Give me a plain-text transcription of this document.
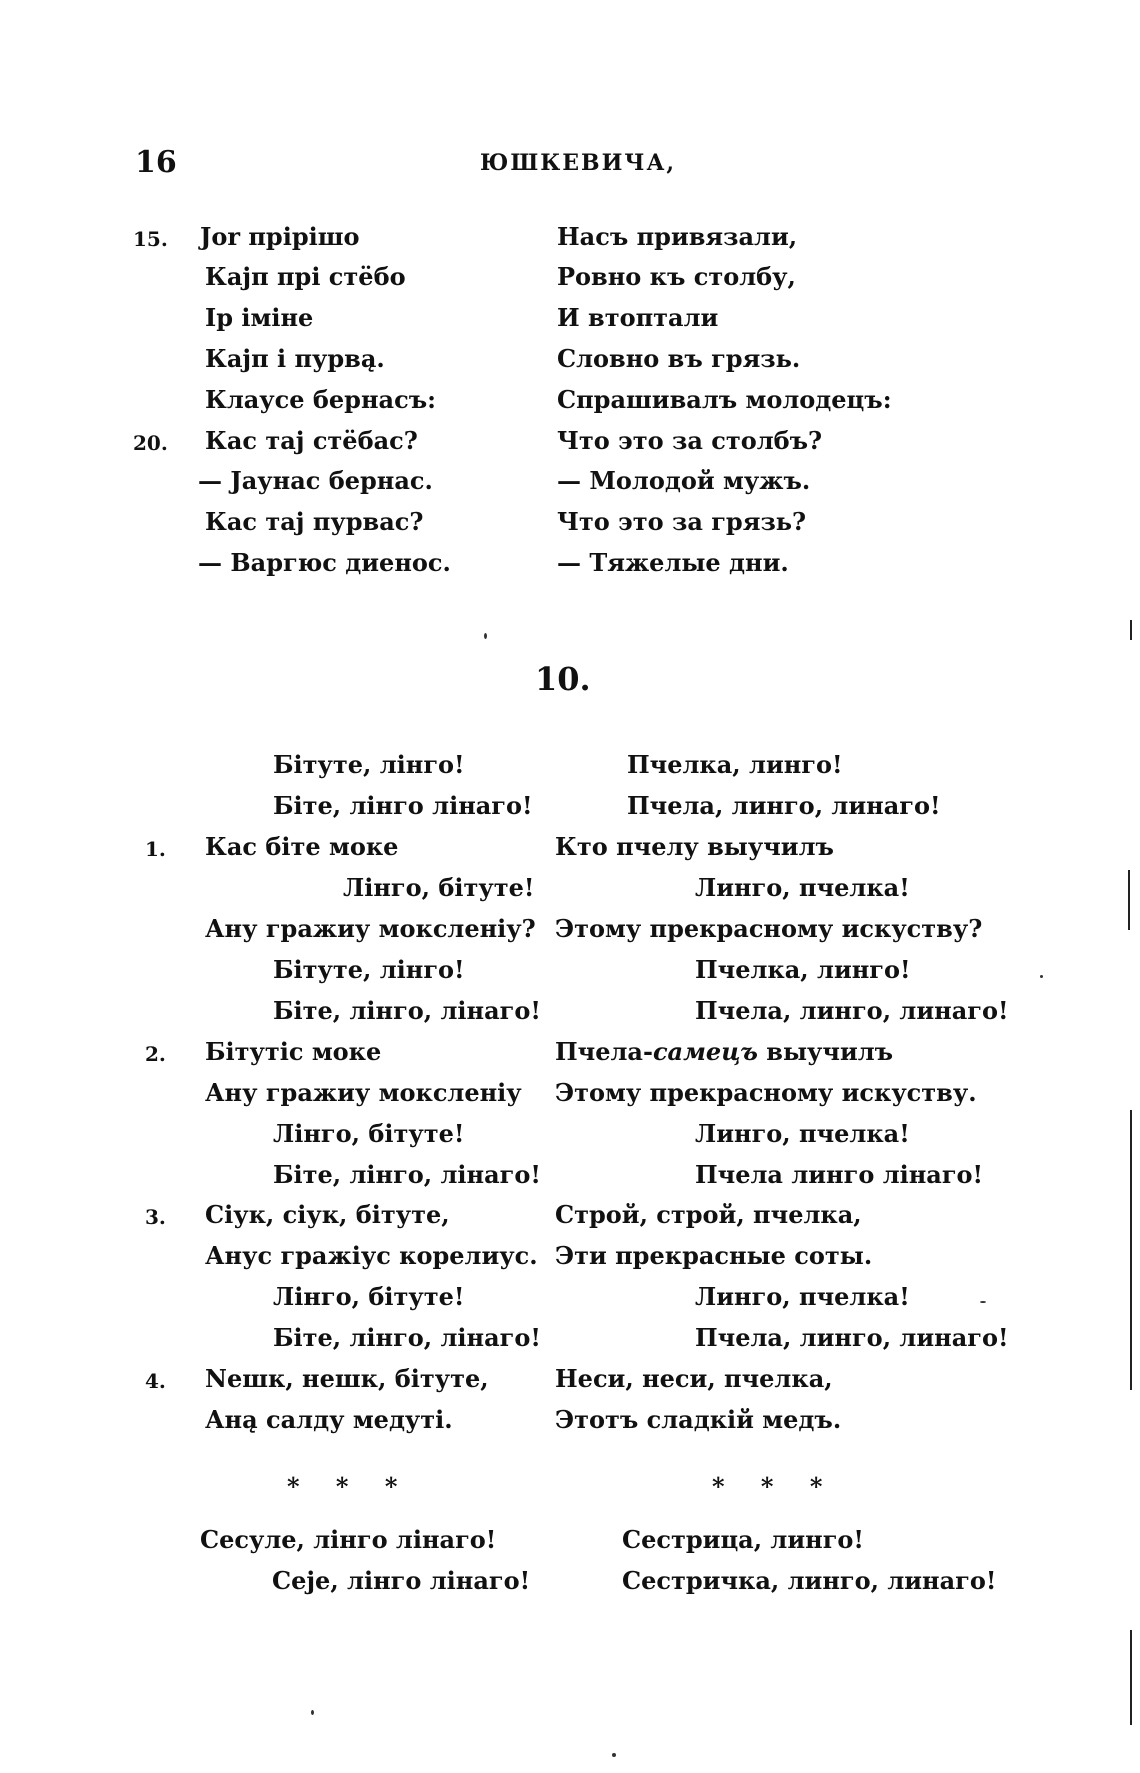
16	ЮШКЕВИЧА,
15.
20.
Јоr прірішо
Кајп прі стёбо
Ір іміне
Кајп і пурвą.
Клаусе бернасъ:
Кас тај стёбас?
— Јаунас бернас.
Кас тај пурвас?
— Варгюс диенос.
Насъ привязали,
Ровно къ столбу,
И втоптали
Словно въ грязь.
Спрашивалъ молодецъ:
Что это за столбъ?
— Молодой мужъ.
Что это за грязь?
— Тяжелые дни.
10.
1.
2.
3.
4.
Бітуте, лінго!
Біте, лінго лінаго!
Кас біте моке
Лінго, бітуте!
Ану гражиу моксленіу?
Бітуте, лінго!
Біте, лінго, лінаго!
Бітутіс моке
Ану гражиу моксленіу
Лінго, бітуте!
Біте, лінго, лінаго!
Сіук, сіук, бітуте,
Анус гражіус корелиус.
Лінго, бітуте!
Біте, лінго, лінаго!
Nешк, нешк, бітуте,
Анą салду медуті.
Пчелка, линго!
Пчела, линго, линаго!
Кто пчелу выучилъ
Линго, пчелка!
Этому прекрасному искуству?
Пчелка, линго!
Пчела, линго, линаго!
Пчела-самецъ выучилъ
Этому прекрасному искуству.
Линго, пчелка!
Пчела линго лінаго!
Строй, строй, пчелка,
Эти прекрасные соты.
Линго, пчелка!
Пчела, линго, линаго!
Неси, неси, пчелка,
Этотъ сладкій медъ.
* * *	* * *
Сесуле, лінго лінаго!
Сејe, лінго лінаго!
Сестрица, линго!
Сестричка, линго, линаго!
